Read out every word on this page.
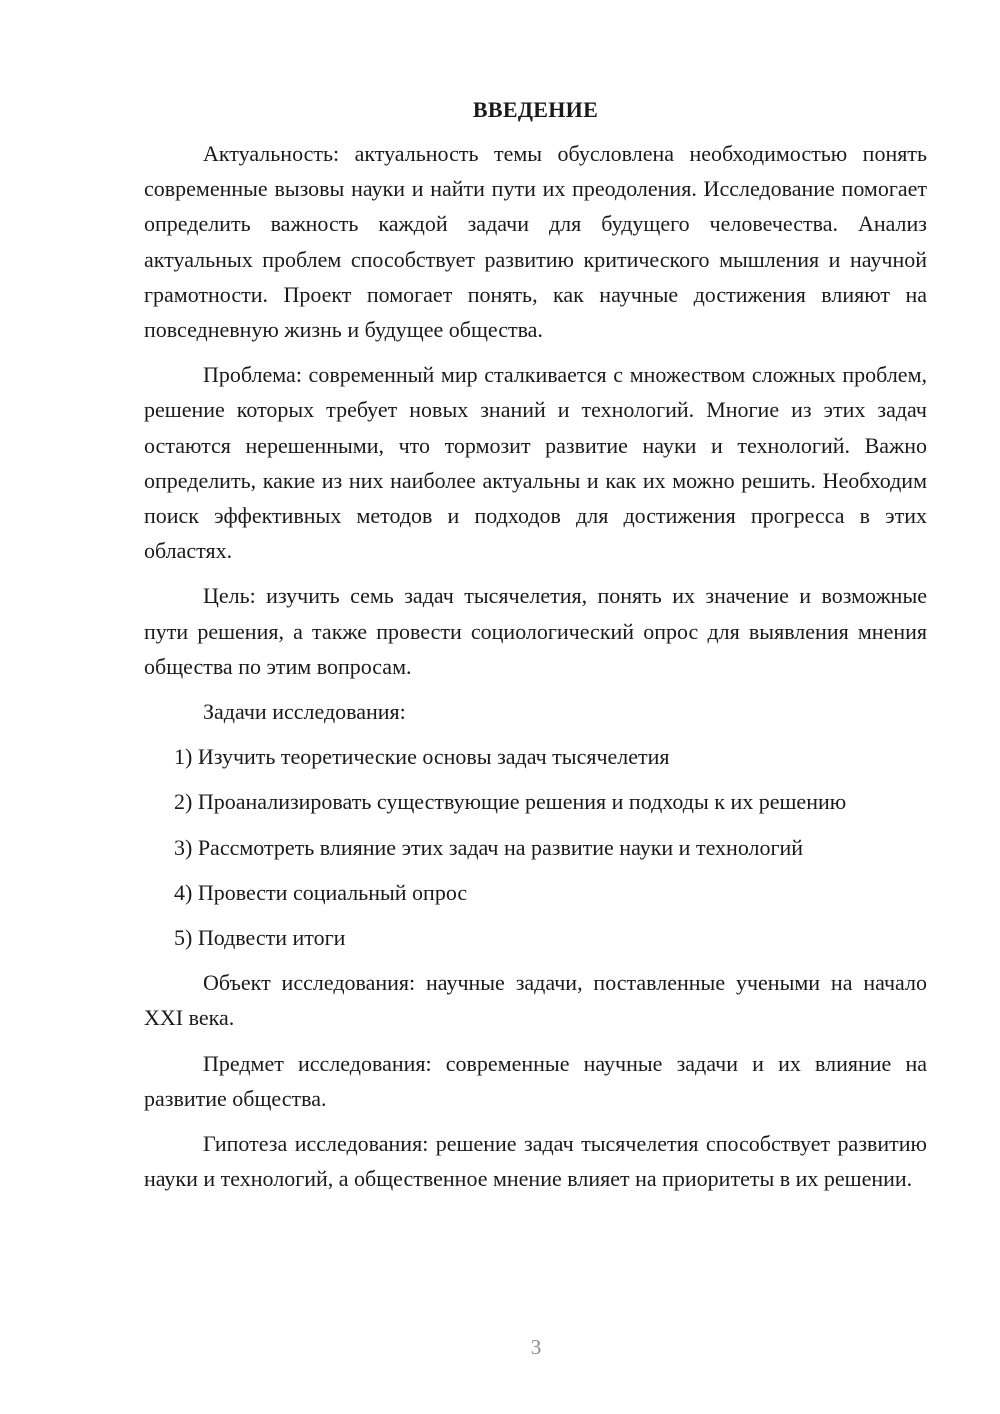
ВВЕДЕНИЕ

Актуальность: актуальность темы обусловлена необходимостью понять современные вызовы науки и найти пути их преодоления. Исследование помогает определить важность каждой задачи для будущего человечества. Анализ актуальных проблем способствует развитию критического мышления и научной грамотности. Проект помогает понять, как научные достижения влияют на повседневную жизнь и будущее общества.

Проблема: современный мир сталкивается с множеством сложных проблем, решение которых требует новых знаний и технологий. Многие из этих задач остаются нерешенными, что тормозит развитие науки и технологий. Важно определить, какие из них наиболее актуальны и как их можно решить. Необходим поиск эффективных методов и подходов для достижения прогресса в этих областях.

Цель: изучить семь задач тысячелетия, понять их значение и возможные пути решения, а также провести социологический опрос для выявления мнения общества по этим вопросам.

Задачи исследования:

1) Изучить теоретические основы задач тысячелетия

2) Проанализировать существующие решения и подходы к их решению

3) Рассмотреть влияние этих задач на развитие науки и технологий

4) Провести социальный опрос

5) Подвести итоги

Объект исследования: научные задачи, поставленные учеными на начало XXI века.

Предмет исследования: современные научные задачи и их влияние на развитие общества.

Гипотеза исследования: решение задач тысячелетия способствует развитию науки и технологий, а общественное мнение влияет на приоритеты в их решении.

3
